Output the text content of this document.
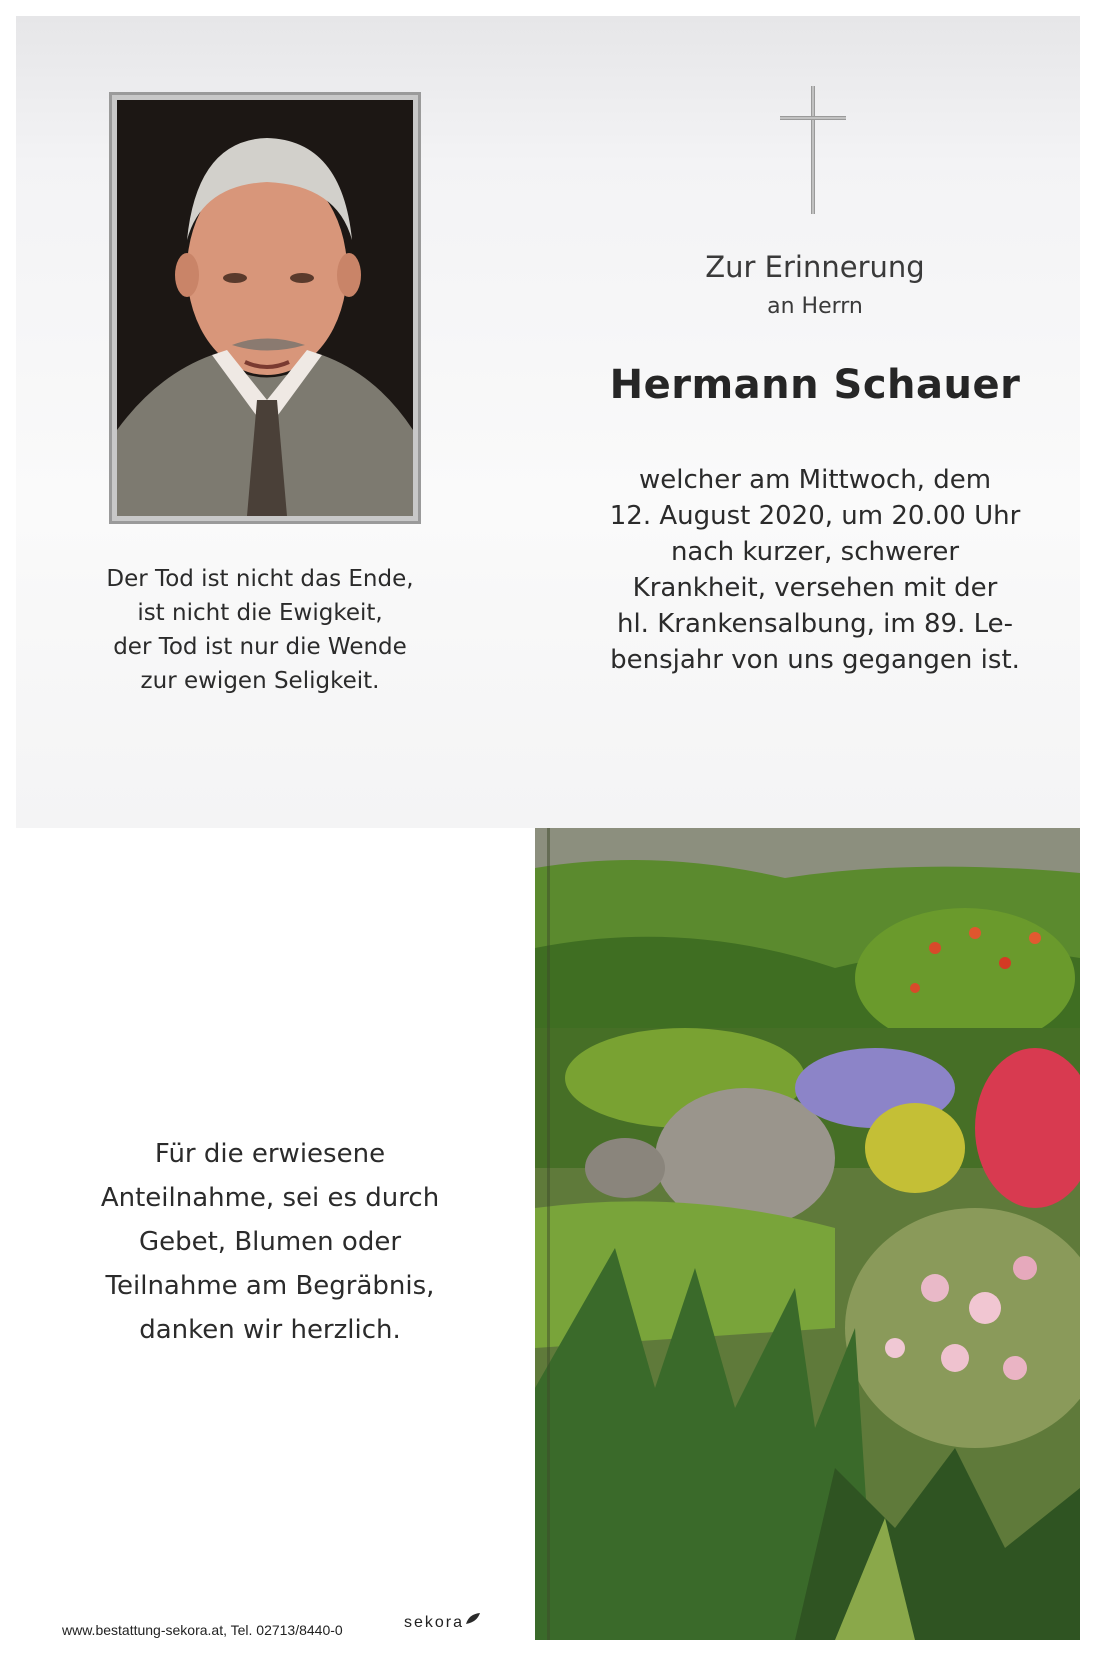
Der Tod ist nicht das Ende,
ist nicht die Ewigkeit,
der Tod ist nur die Wende
zur ewigen Seligkeit.
Zur Erinnerung
an Herrn
Hermann Schauer
welcher am Mittwoch, dem
12. August 2020, um 20.00 Uhr
nach kurzer, schwerer
Krankheit, versehen mit der
hl. Krankensalbung, im 89. Le-
bensjahr von uns gegangen ist.
Für die erwiesene
Anteilnahme, sei es durch
Gebet, Blumen oder
Teilnahme am Begräbnis,
danken wir herzlich.
www.bestattung-sekora.at, Tel. 02713/8440-0	sekora
